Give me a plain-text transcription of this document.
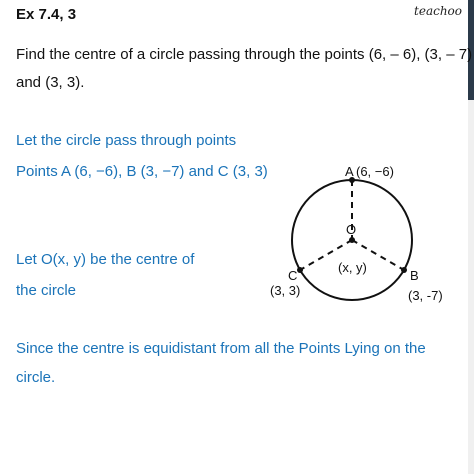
teachoo
Ex 7.4, 3
Find the centre of a circle passing through the points (6, – 6), (3, – 7)
and (3, 3).
Let the circle pass through points
Points A (6, −6), B (3, −7) and C (3, 3)
Let O(x, y) be the centre of
the circle
Since the centre is equidistant from all the Points Lying on the
circle.
A (6, −6)
O
(x, y)
B
(3, -7)
C
(3, 3)
